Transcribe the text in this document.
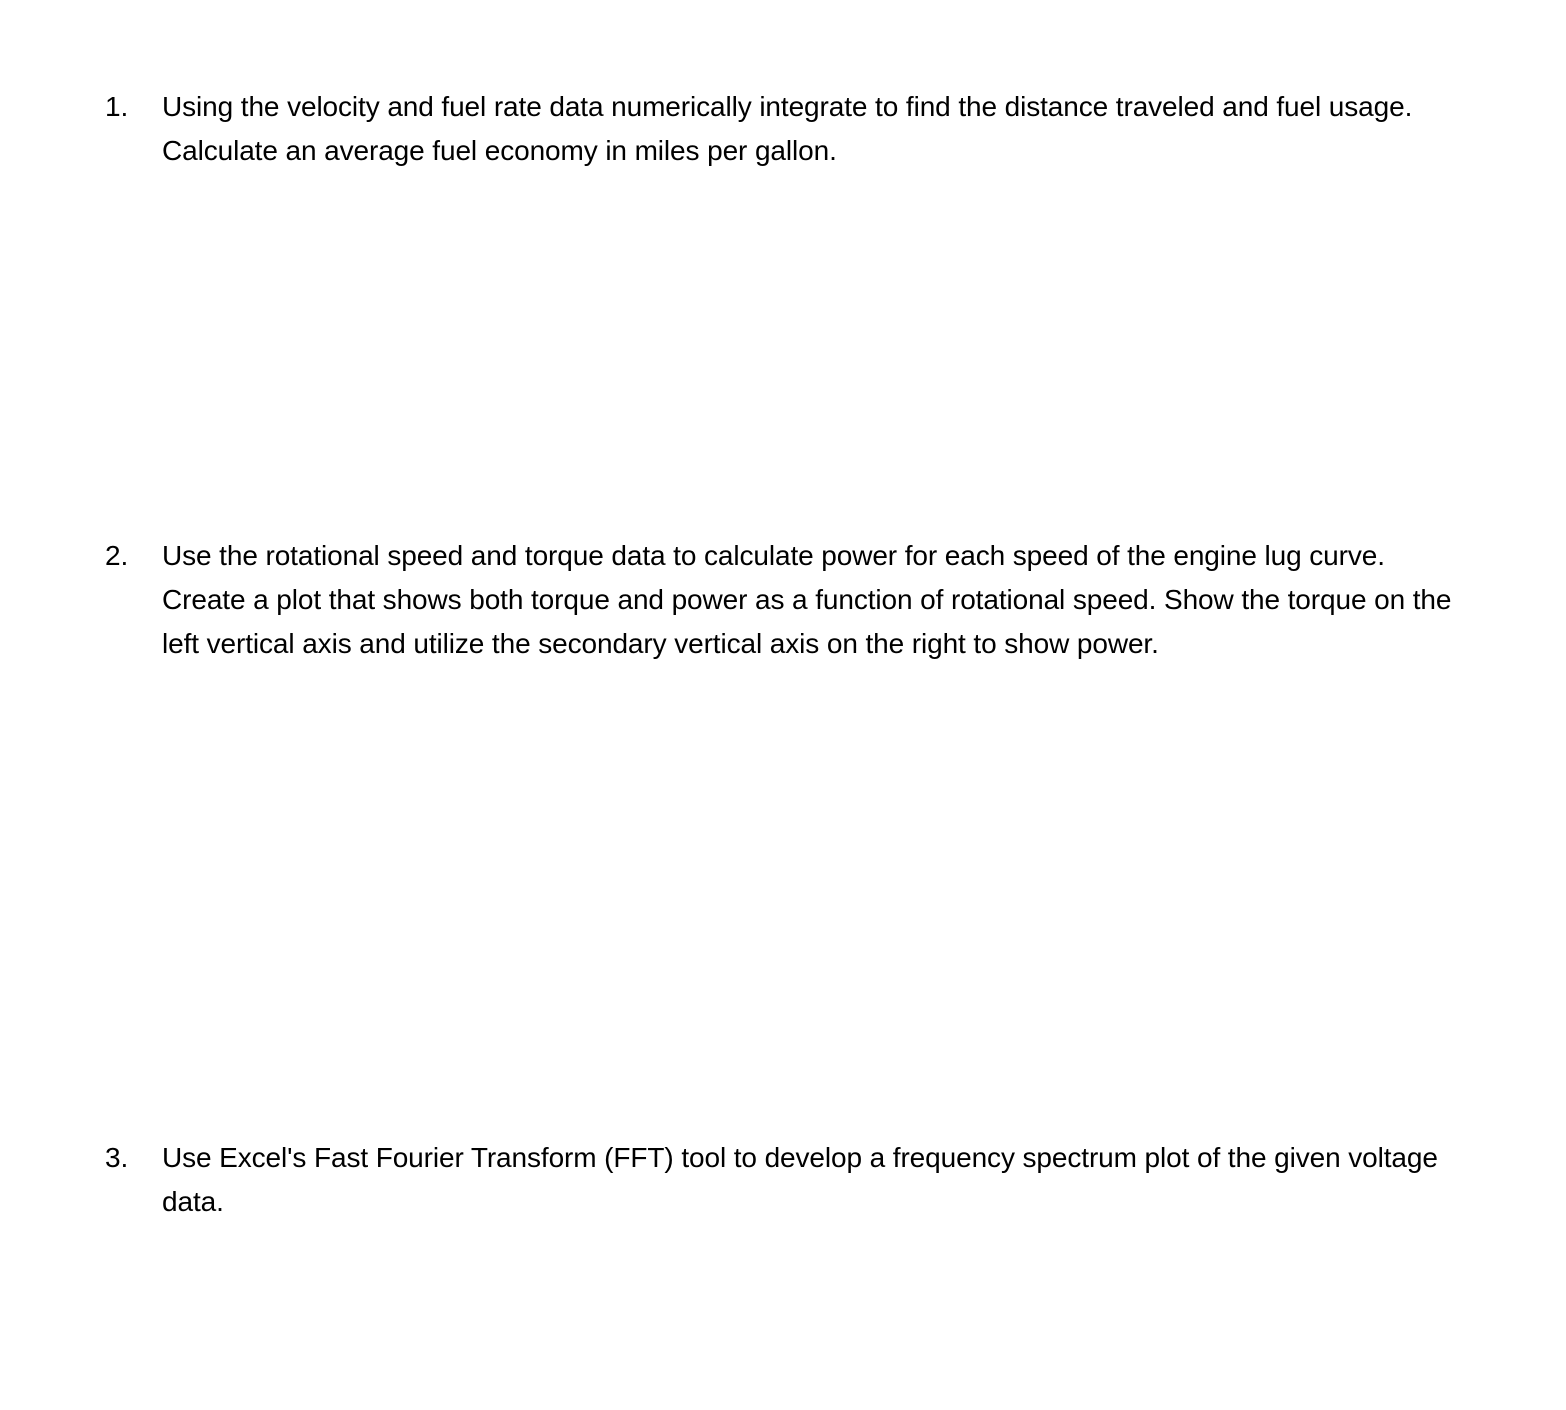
1.	Using the velocity and fuel rate data numerically integrate to find the distance traveled and fuel usage. Calculate an average fuel economy in miles per gallon.
2.	Use the rotational speed and torque data to calculate power for each speed of the engine lug curve. Create a plot that shows both torque and power as a function of rotational speed. Show the torque on the left vertical axis and utilize the secondary vertical axis on the right to show power.
3.	Use Excel's Fast Fourier Transform (FFT) tool to develop a frequency spectrum plot of the given voltage data.
